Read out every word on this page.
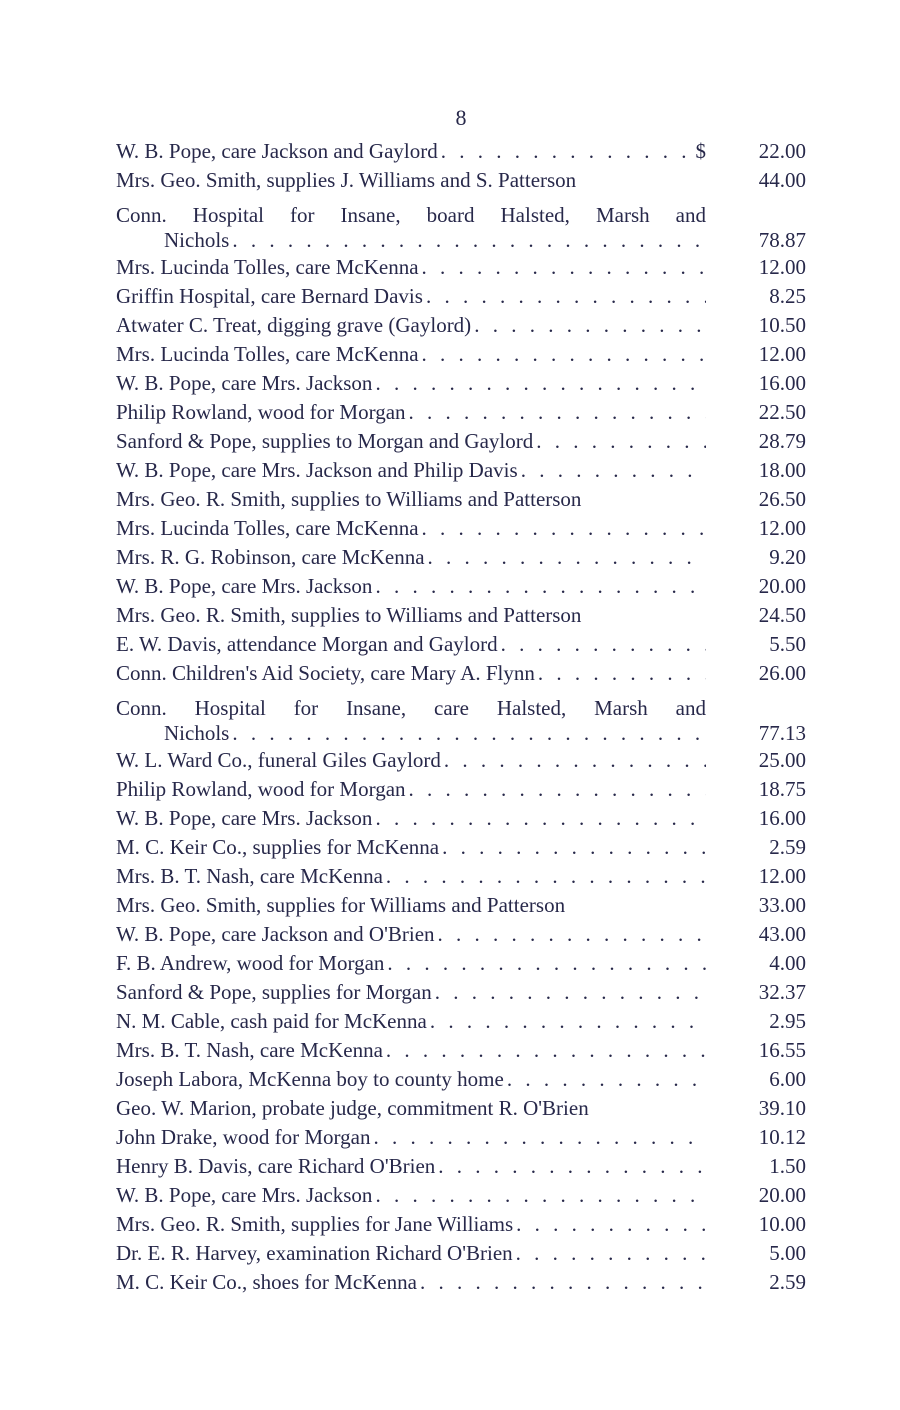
8
W. B. Pope, care Jackson and Gaylord . . .	$	22.00
Mrs. Geo. Smith, supplies J. Williams and S. Patterson	44.00
Conn. Hospital for Insane, board Halsted, Marsh and
Nichols . . .	78.87
Mrs. Lucinda Tolles, care McKenna . . .	12.00
Griffin Hospital, care Bernard Davis . . .	8.25
Atwater C. Treat, digging grave (Gaylord) . . .	10.50
Mrs. Lucinda Tolles, care McKenna . . .	12.00
W. B. Pope, care Mrs. Jackson . . .	16.00
Philip Rowland, wood for Morgan . . .	22.50
Sanford & Pope, supplies to Morgan and Gaylord . . .	28.79
W. B. Pope, care Mrs. Jackson and Philip Davis . . .	18.00
Mrs. Geo. R. Smith, supplies to Williams and Patterson	26.50
Mrs. Lucinda Tolles, care McKenna . . .	12.00
Mrs. R. G. Robinson, care McKenna . . .	9.20
W. B. Pope, care Mrs. Jackson . . .	20.00
Mrs. Geo. R. Smith, supplies to Williams and Patterson	24.50
E. W. Davis, attendance Morgan and Gaylord . . .	5.50
Conn. Children's Aid Society, care Mary A. Flynn . . .	26.00
Conn. Hospital for Insane, care Halsted, Marsh and
Nichols . . .	77.13
W. L. Ward Co., funeral Giles Gaylord . . .	25.00
Philip Rowland, wood for Morgan . . .	18.75
W. B. Pope, care Mrs. Jackson . . .	16.00
M. C. Keir Co., supplies for McKenna . . .	2.59
Mrs. B. T. Nash, care McKenna . . .	12.00
Mrs. Geo. Smith, supplies for Williams and Patterson	33.00
W. B. Pope, care Jackson and O'Brien . . .	43.00
F. B. Andrew, wood for Morgan . . .	4.00
Sanford & Pope, supplies for Morgan . . .	32.37
N. M. Cable, cash paid for McKenna . . .	2.95
Mrs. B. T. Nash, care McKenna . . .	16.55
Joseph Labora, McKenna boy to county home . . .	6.00
Geo. W. Marion, probate judge, commitment R. O'Brien	39.10
John Drake, wood for Morgan . . .	10.12
Henry B. Davis, care Richard O'Brien . . .	1.50
W. B. Pope, care Mrs. Jackson . . .	20.00
Mrs. Geo. R. Smith, supplies for Jane Williams . . .	10.00
Dr. E. R. Harvey, examination Richard O'Brien . . .	5.00
M. C. Keir Co., shoes for McKenna . . .	2.59
